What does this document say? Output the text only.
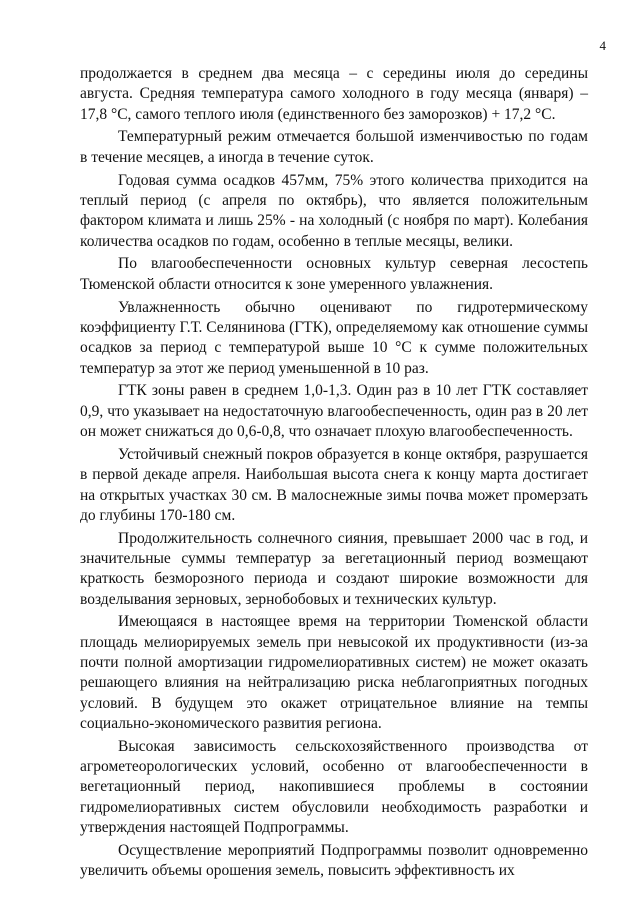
4

продолжается в среднем два месяца – с середины июля до середины августа. Средняя температура самого холодного в году месяца (января) – 17,8 °С, самого теплого июля (единственного без заморозков) + 17,2 °С.

Температурный режим отмечается большой изменчивостью по годам в течение месяцев, а иногда в течение суток.

Годовая сумма осадков 457мм, 75% этого количества приходится на теплый период (с апреля по октябрь), что является положительным фактором климата и лишь 25% - на холодный (с ноября по март). Колебания количества осадков по годам, особенно в теплые месяцы, велики.

По влагообеспеченности основных культур северная лесостепь Тюменской области относится к зоне умеренного увлажнения.

Увлажненность обычно оценивают по гидротермическому коэффициенту Г.Т. Селянинова (ГТК), определяемому как отношение суммы осадков за период с температурой выше 10 °С к сумме положительных температур за этот же период уменьшенной в 10 раз.

ГТК зоны равен в среднем 1,0-1,3. Один раз в 10 лет ГТК составляет 0,9, что указывает на недостаточную влагообеспеченность, один раз в 20 лет он может снижаться до 0,6-0,8, что означает плохую влагообеспеченность.

Устойчивый снежный покров образуется в конце октября, разрушается в первой декаде апреля. Наибольшая высота снега к концу марта достигает на открытых участках 30 см. В малоснежные зимы почва может промерзать до глубины 170-180 см.

Продолжительность солнечного сияния, превышает 2000 час в год, и значительные суммы температур за вегетационный период возмещают краткость безморозного периода и создают широкие возможности для возделывания зерновых, зернобобовых и технических культур.

Имеющаяся в настоящее время на территории Тюменской области площадь мелиорируемых земель при невысокой их продуктивности (из-за почти полной амортизации гидромелиоративных систем) не может оказать решающего влияния на нейтрализацию риска неблагоприятных погодных условий. В будущем это окажет отрицательное влияние на темпы социально-экономического развития региона.

Высокая зависимость сельскохозяйственного производства от агрометеорологических условий, особенно от влагообеспеченности в вегетационный период, накопившиеся проблемы в состоянии гидромелиоративных систем обусловили необходимость разработки и утверждения настоящей Подпрограммы.

Осуществление мероприятий Подпрограммы позволит одновременно увеличить объемы орошения земель, повысить эффективность их
